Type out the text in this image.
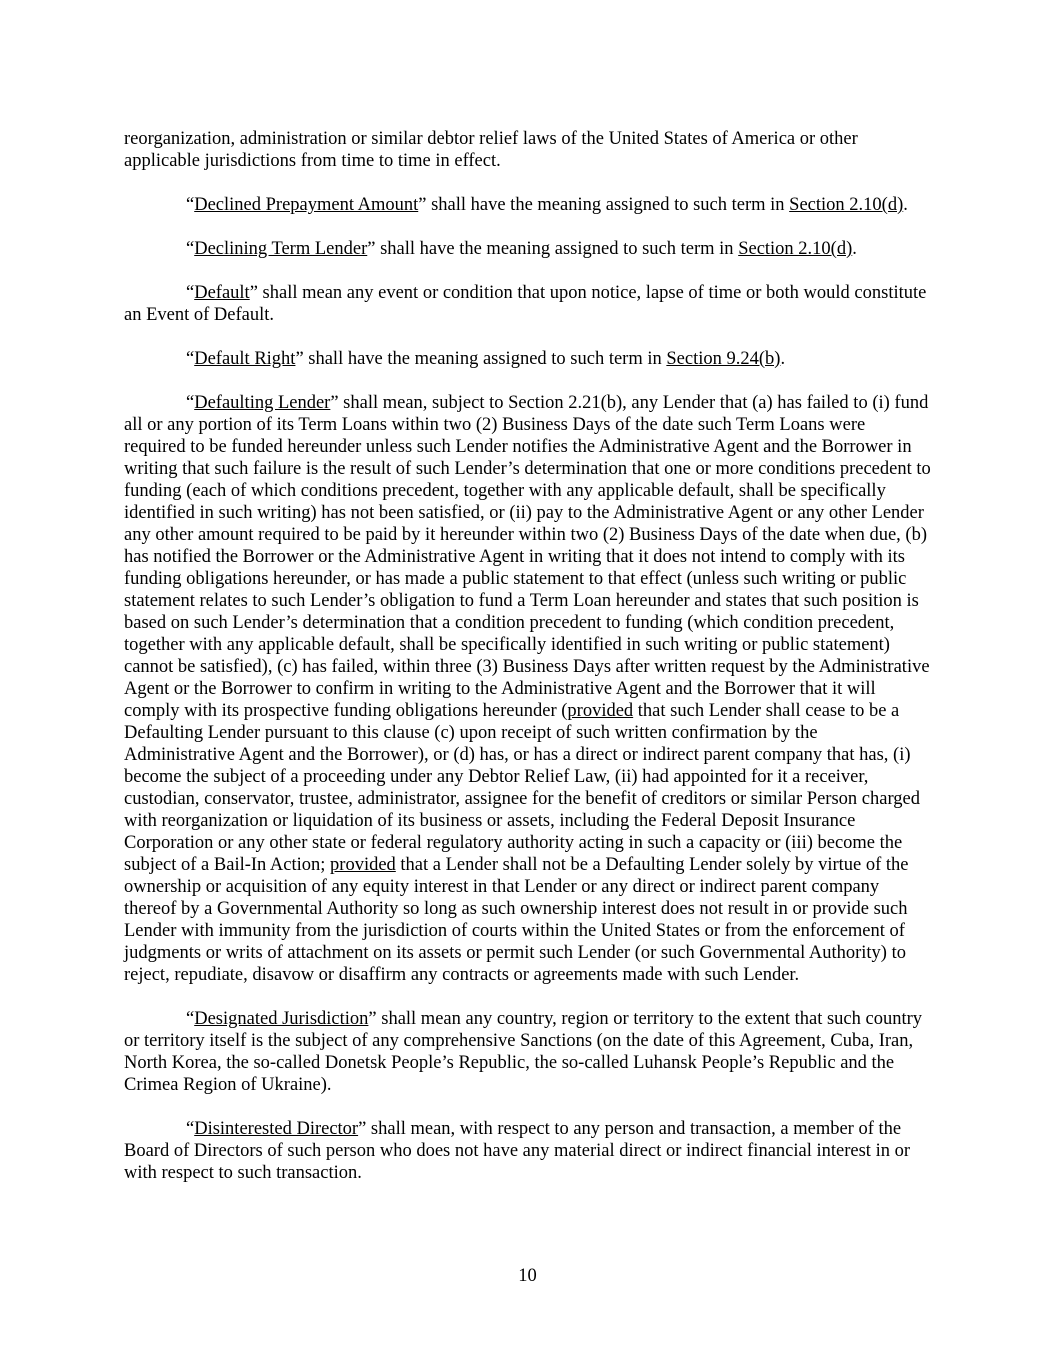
reorganization, administration or similar debtor relief laws of the United States of America or other applicable jurisdictions from time to time in effect.

“Declined Prepayment Amount” shall have the meaning assigned to such term in Section 2.10(d).

“Declining Term Lender” shall have the meaning assigned to such term in Section 2.10(d).

“Default” shall mean any event or condition that upon notice, lapse of time or both would constitute an Event of Default.

“Default Right” shall have the meaning assigned to such term in Section 9.24(b).

“Defaulting Lender” shall mean, subject to Section 2.21(b), any Lender that (a) has failed to (i) fund all or any portion of its Term Loans within two (2) Business Days of the date such Term Loans were required to be funded hereunder unless such Lender notifies the Administrative Agent and the Borrower in writing that such failure is the result of such Lender’s determination that one or more conditions precedent to funding (each of which conditions precedent, together with any applicable default, shall be specifically identified in such writing) has not been satisfied, or (ii) pay to the Administrative Agent or any other Lender any other amount required to be paid by it hereunder within two (2) Business Days of the date when due, (b) has notified the Borrower or the Administrative Agent in writing that it does not intend to comply with its funding obligations hereunder, or has made a public statement to that effect (unless such writing or public statement relates to such Lender’s obligation to fund a Term Loan hereunder and states that such position is based on such Lender’s determination that a condition precedent to funding (which condition precedent, together with any applicable default, shall be specifically identified in such writing or public statement) cannot be satisfied), (c) has failed, within three (3) Business Days after written request by the Administrative Agent or the Borrower to confirm in writing to the Administrative Agent and the Borrower that it will comply with its prospective funding obligations hereunder (provided that such Lender shall cease to be a Defaulting Lender pursuant to this clause (c) upon receipt of such written confirmation by the Administrative Agent and the Borrower), or (d) has, or has a direct or indirect parent company that has, (i) become the subject of a proceeding under any Debtor Relief Law, (ii) had appointed for it a receiver, custodian, conservator, trustee, administrator, assignee for the benefit of creditors or similar Person charged with reorganization or liquidation of its business or assets, including the Federal Deposit Insurance Corporation or any other state or federal regulatory authority acting in such a capacity or (iii) become the subject of a Bail-In Action; provided that a Lender shall not be a Defaulting Lender solely by virtue of the ownership or acquisition of any equity interest in that Lender or any direct or indirect parent company thereof by a Governmental Authority so long as such ownership interest does not result in or provide such Lender with immunity from the jurisdiction of courts within the United States or from the enforcement of judgments or writs of attachment on its assets or permit such Lender (or such Governmental Authority) to reject, repudiate, disavow or disaffirm any contracts or agreements made with such Lender.

“Designated Jurisdiction” shall mean any country, region or territory to the extent that such country or territory itself is the subject of any comprehensive Sanctions (on the date of this Agreement, Cuba, Iran, North Korea, the so-called Donetsk People’s Republic, the so-called Luhansk People’s Republic and the Crimea Region of Ukraine).

“Disinterested Director” shall mean, with respect to any person and transaction, a member of the Board of Directors of such person who does not have any material direct or indirect financial interest in or with respect to such transaction.

10
